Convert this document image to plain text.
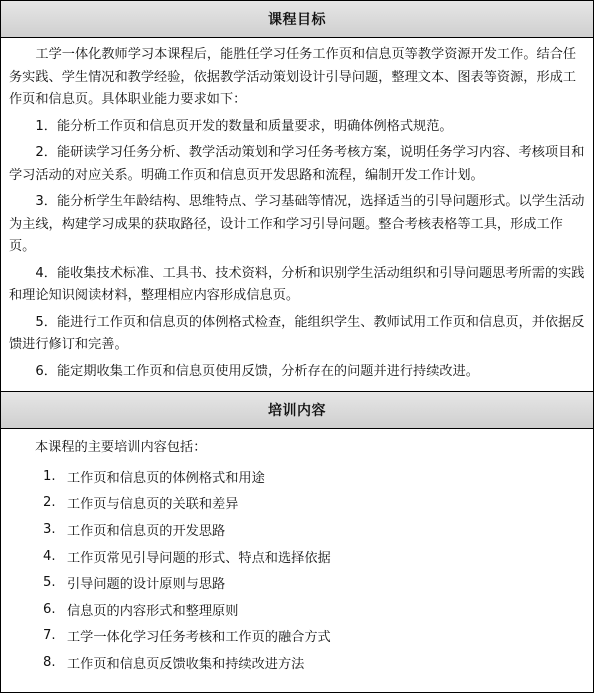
课程目标

工学一体化教师学习本课程后，能胜任学习任务工作页和信息页等教学资源开发工作。结合任务实践、学生情况和教学经验，依据教学活动策划设计引导问题，整理文本、图表等资源，形成工作页和信息页。具体职业能力要求如下：

1．能分析工作页和信息页开发的数量和质量要求，明确体例格式规范。

2．能研读学习任务分析、教学活动策划和学习任务考核方案，说明任务学习内容、考核项目和学习活动的对应关系。明确工作页和信息页开发思路和流程，编制开发工作计划。

3．能分析学生年龄结构、思维特点、学习基础等情况，选择适当的引导问题形式。以学生活动为主线，构建学习成果的获取路径，设计工作和学习引导问题。整合考核表格等工具，形成工作页。

4．能收集技术标准、工具书、技术资料，分析和识别学生活动组织和引导问题思考所需的实践和理论知识阅读材料，整理相应内容形成信息页。

5．能进行工作页和信息页的体例格式检查，能组织学生、教师试用工作页和信息页，并依据反馈进行修订和完善。

6．能定期收集工作页和信息页使用反馈，分析存在的问题并进行持续改进。

培训内容
本课程的主要培训内容包括：
1. 工作页和信息页的体例格式和用途
2. 工作页与信息页的关联和差异
3. 工作页和信息页的开发思路
4. 工作页常见引导问题的形式、特点和选择依据
5. 引导问题的设计原则与思路
6. 信息页的内容形式和整理原则
7. 工学一体化学习任务考核和工作页的融合方式
8. 工作页和信息页反馈收集和持续改进方法
